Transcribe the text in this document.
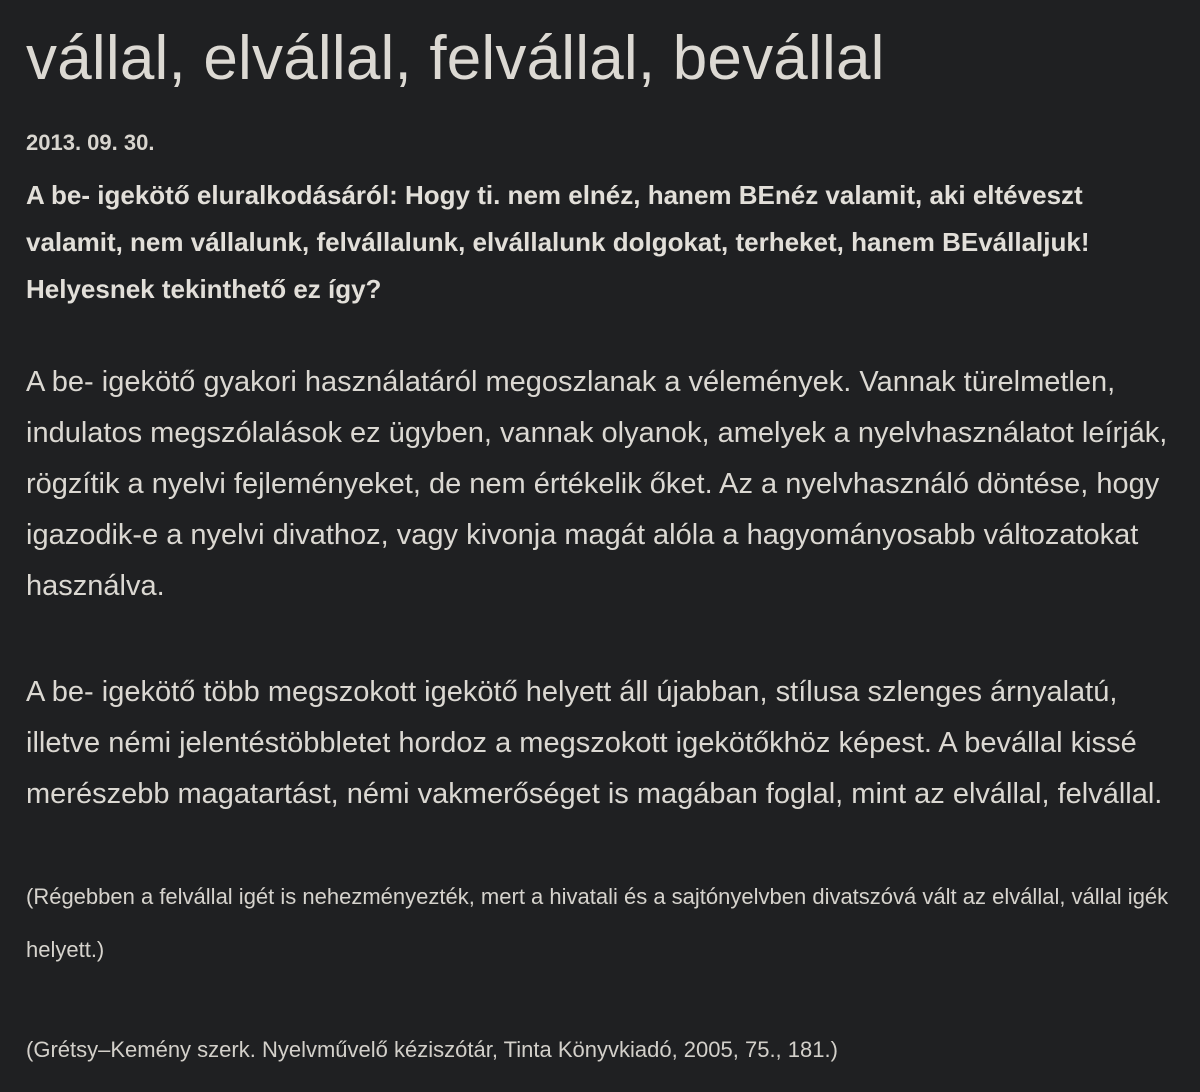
vállal, elvállal, felvállal, bevállal
2013. 09. 30.

A be- igekötő eluralkodásáról: Hogy ti. nem elnéz, hanem BEnéz valamit, aki eltéveszt valamit, nem vállalunk, felvállalunk, elvállalunk dolgokat, terheket, hanem BEvállaljuk! Helyesnek tekinthető ez így?

A be- igekötő gyakori használatáról megoszlanak a vélemények. Vannak türelmetlen, indulatos megszólalások ez ügyben, vannak olyanok, amelyek a nyelvhasználatot leírják, rögzítik a nyelvi fejleményeket, de nem értékelik őket. Az a nyelvhasználó döntése, hogy igazodik-e a nyelvi divathoz, vagy kivonja magát alóla a hagyományosabb változatokat használva.

A be- igekötő több megszokott igekötő helyett áll újabban, stílusa szlenges árnyalatú, illetve némi jelentéstöbbletet hordoz a megszokott igekötőkhöz képest. A bevállal kissé merészebb magatartást, némi vakmerőséget is magában foglal, mint az elvállal, felvállal.

(Régebben a felvállal igét is nehezményezték, mert a hivatali és a sajtónyelvben divatszóvá vált az elvállal, vállal igék helyett.)

(Grétsy–Kemény szerk. Nyelvművelő kéziszótár, Tinta Könyvkiadó, 2005, 75., 181.)
